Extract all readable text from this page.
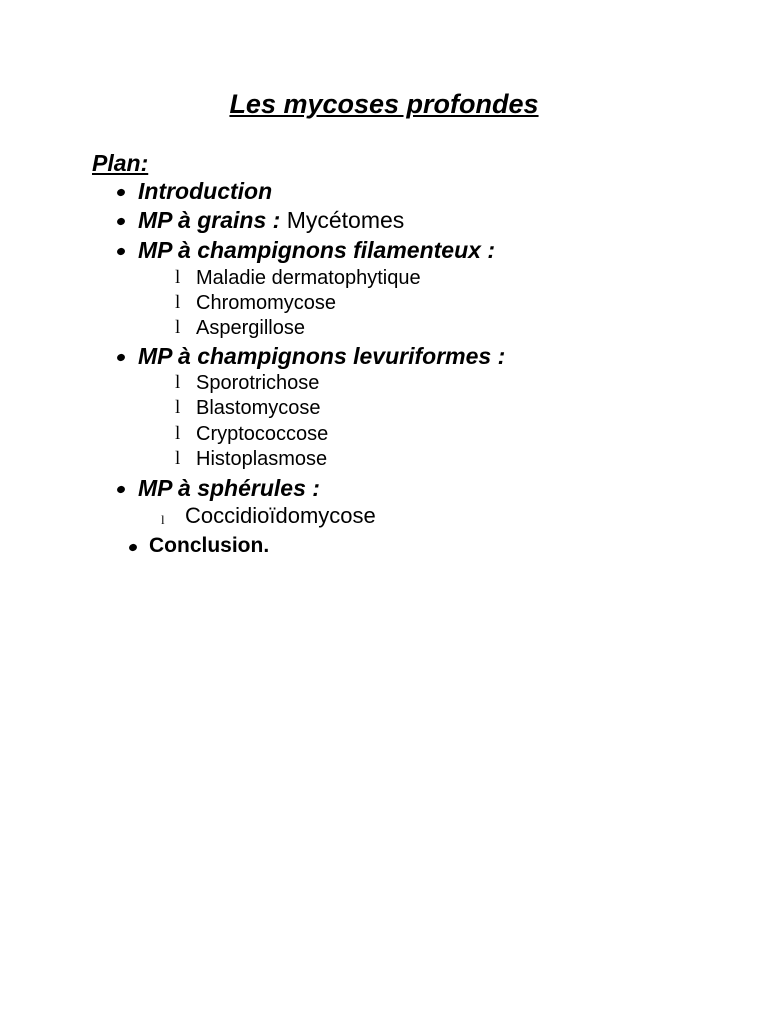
Les mycoses profondes
Plan:
Introduction
MP à grains : Mycétomes
MP à champignons filamenteux :
l Maladie dermatophytique
l Chromomycose
l Aspergillose
MP à champignons levuriformes :
l Sporotrichose
l Blastomycose
l Cryptococcose
l Histoplasmose
MP à sphérules :
l Coccidioïdomycose
Conclusion.
